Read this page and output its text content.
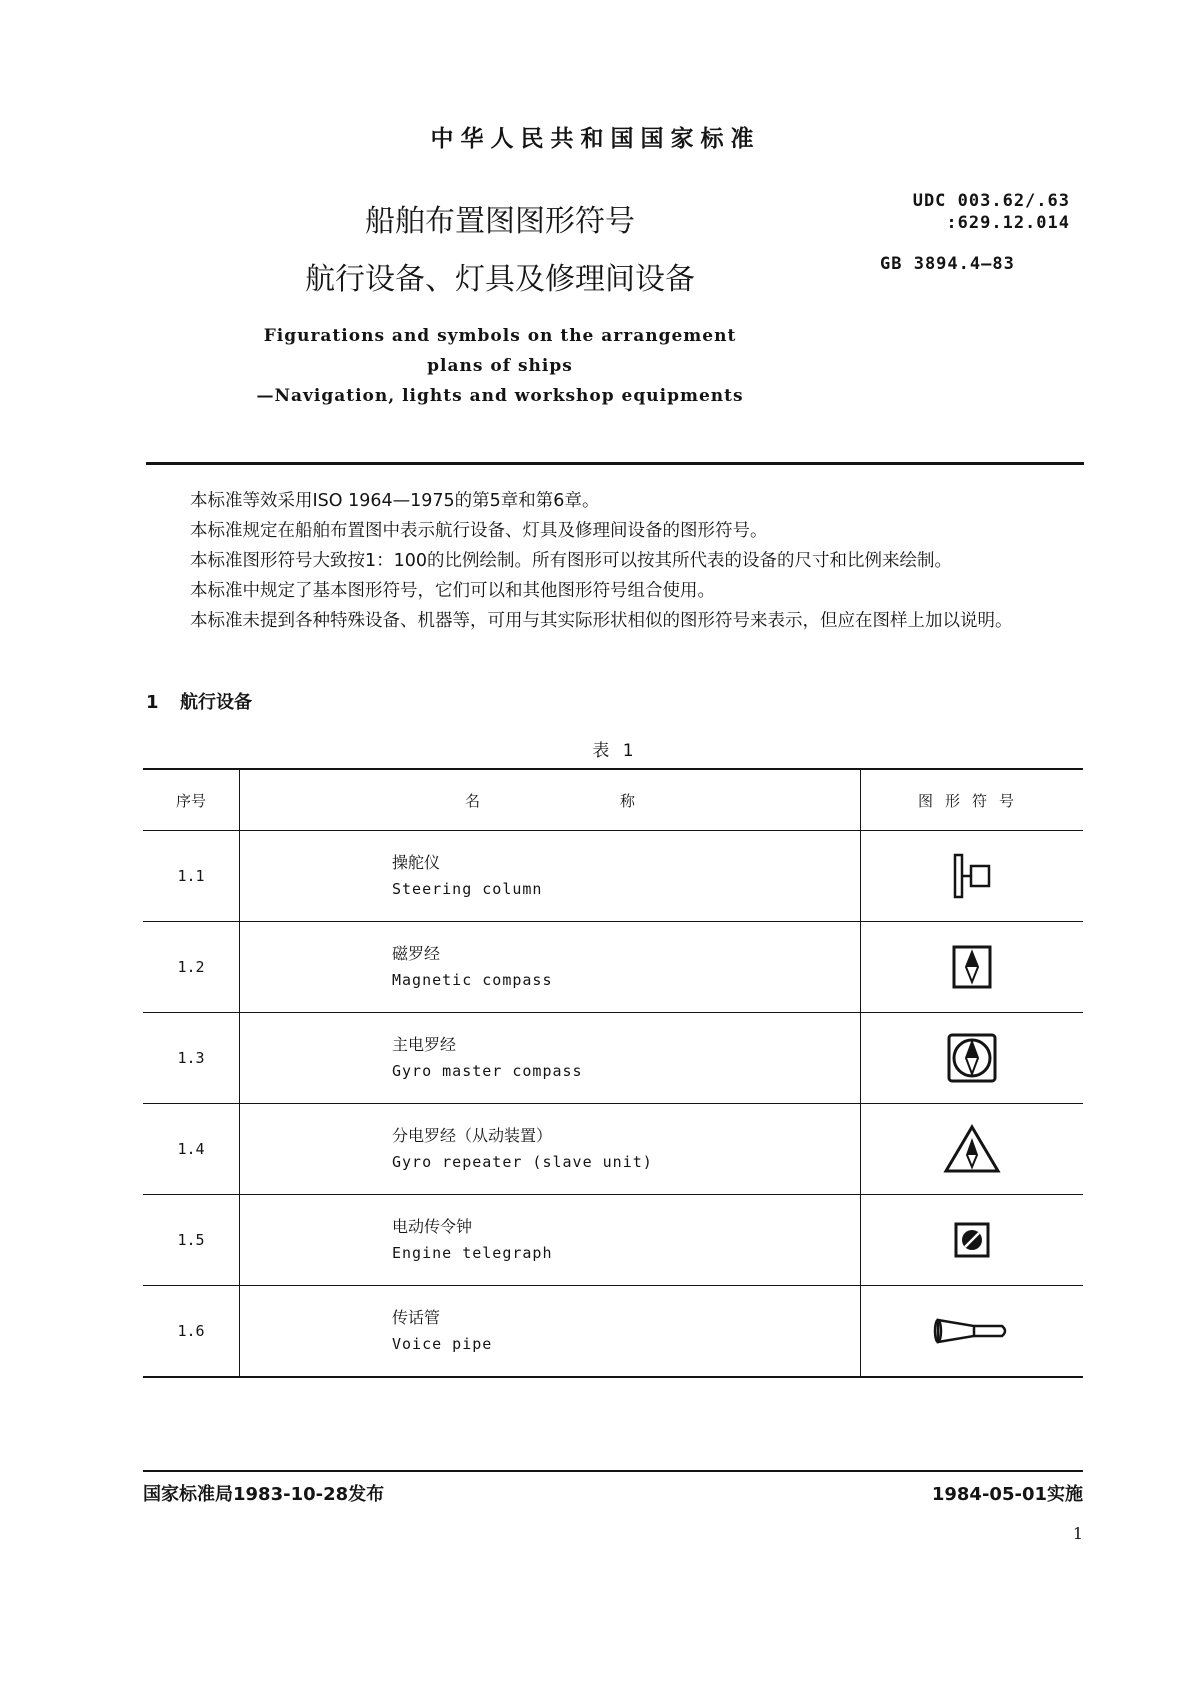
中华人民共和国国家标准
UDC 003.62/.63
:629.12.014
GB 3894.4—83
船舶布置图图形符号
航行设备、灯具及修理间设备
Figurations and symbols on the arrangement
plans of ships
—Navigation, lights and workshop equipments

本标准等效采用ISO 1964—1975的第5章和第6章。

本标准规定在船舶布置图中表示航行设备、灯具及修理间设备的图形符号。

本标准图形符号大致按1：100的比例绘制。所有图形可以按其所代表的设备的尺寸和比例来绘制。

本标准中规定了基本图形符号，它们可以和其他图形符号组合使用。

本标准未提到各种特殊设备、机器等，可用与其实际形状相似的图形符号来表示，但应在图样上加以说明。

1 航行设备
表 1
序号	名 称	图形符号
1.1	操舵仪
Steering column

1.2	磁罗经
Magnetic compass

1.3	主电罗经
Gyro master compass

1.4	分电罗经（从动装置）
Gyro repeater (slave unit)

1.5	电动传令钟
Engine telegraph

1.6	传话管
Voice pipe

国家标准局1983-10-28发布	1984-05-01实施
1
